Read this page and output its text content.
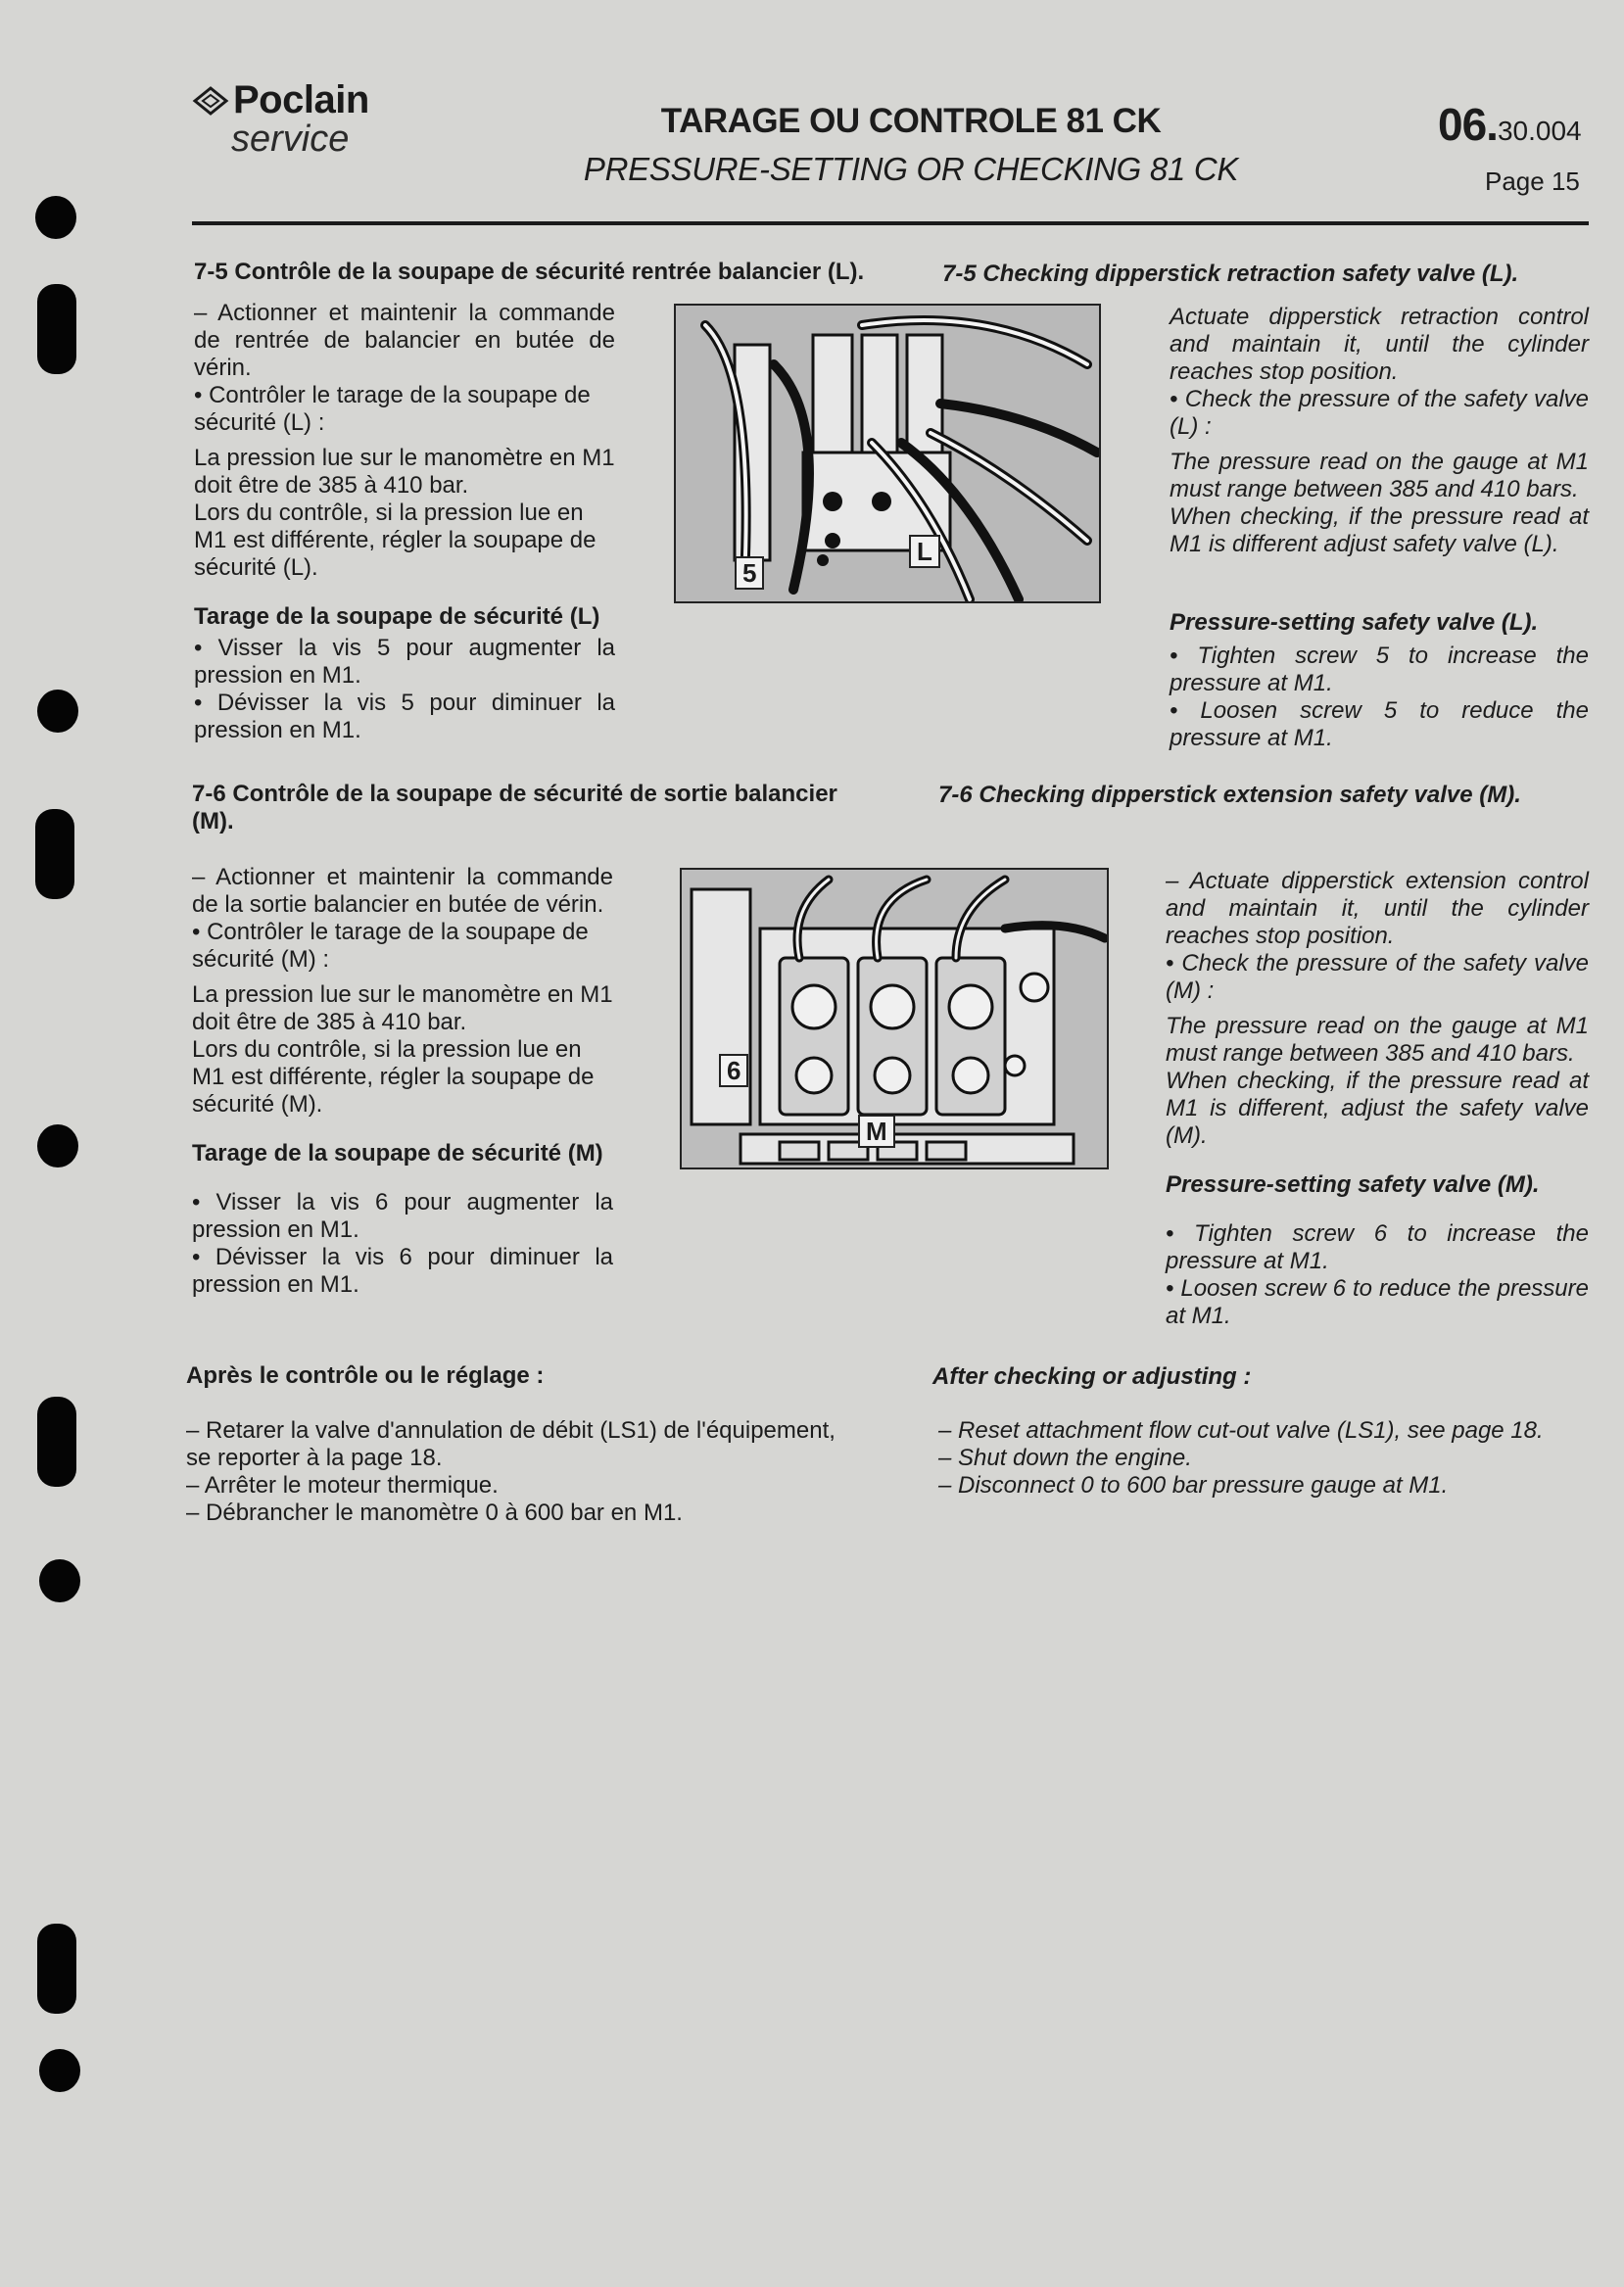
Poclain
service	TARAGE OU CONTROLE 81 CK
PRESSURE-SETTING OR CHECKING 81 CK
06.30.004
Page 15
7-5 Contrôle de la soupape de sécurité rentrée balancier (L).	7-5 Checking dipperstick retraction safety valve (L).

– Actionner et maintenir la commande de rentrée de balancier en butée de vérin.

• Contrôler le tarage de la soupape de sécurité (L) :

La pression lue sur le manomètre en M1 doit être de 385 à 410 bar.

Lors du contrôle, si la pression lue en M1 est différente, régler la soupape de sécurité (L).

Tarage de la soupape de sécurité (L)

• Visser la vis 5 pour augmenter la pression en M1.

• Dévisser la vis 5 pour diminuer la pression en M1.

5
L

Actuate dipperstick retraction control and maintain it, until the cylinder reaches stop position.

• Check the pressure of the safety valve (L) :

The pressure read on the gauge at M1 must range between 385 and 410 bars.

When checking, if the pressure read at M1 is different adjust safety valve (L).

Pressure-setting safety valve (L).

• Tighten screw 5 to increase the pressure at M1.

• Loosen screw 5 to reduce the pressure at M1.

7-6 Contrôle de la soupape de sécurité de sortie balancier (M).
7-6 Checking dipperstick extension safety valve (M).

– Actionner et maintenir la commande de la sortie balancier en butée de vérin.

• Contrôler le tarage de la soupape de sécurité (M) :

La pression lue sur le manomètre en M1 doit être de 385 à 410 bar.

Lors du contrôle, si la pression lue en M1 est différente, régler la soupape de sécurité (M).

Tarage de la soupape de sécurité (M)

• Visser la vis 6 pour augmenter la pression en M1.

• Dévisser la vis 6 pour diminuer la pression en M1.

6
M

– Actuate dipperstick extension control and maintain it, until the cylinder reaches stop position.

• Check the pressure of the safety valve (M) :

The pressure read on the gauge at M1 must range between 385 and 410 bars.

When checking, if the pressure read at M1 is different, adjust the safety valve (M).

Pressure-setting safety valve (M).

• Tighten screw 6 to increase the pressure at M1.

• Loosen screw 6 to reduce the pressure at M1.

Après le contrôle ou le réglage :	After checking or adjusting :

– Retarer la valve d'annulation de débit (LS1) de l'équipement, se reporter à la page 18.

– Arrêter le moteur thermique.

– Débrancher le manomètre 0 à 600 bar en M1.

– Reset attachment flow cut-out valve (LS1), see page 18.

– Shut down the engine.

– Disconnect 0 to 600 bar pressure gauge at M1.
